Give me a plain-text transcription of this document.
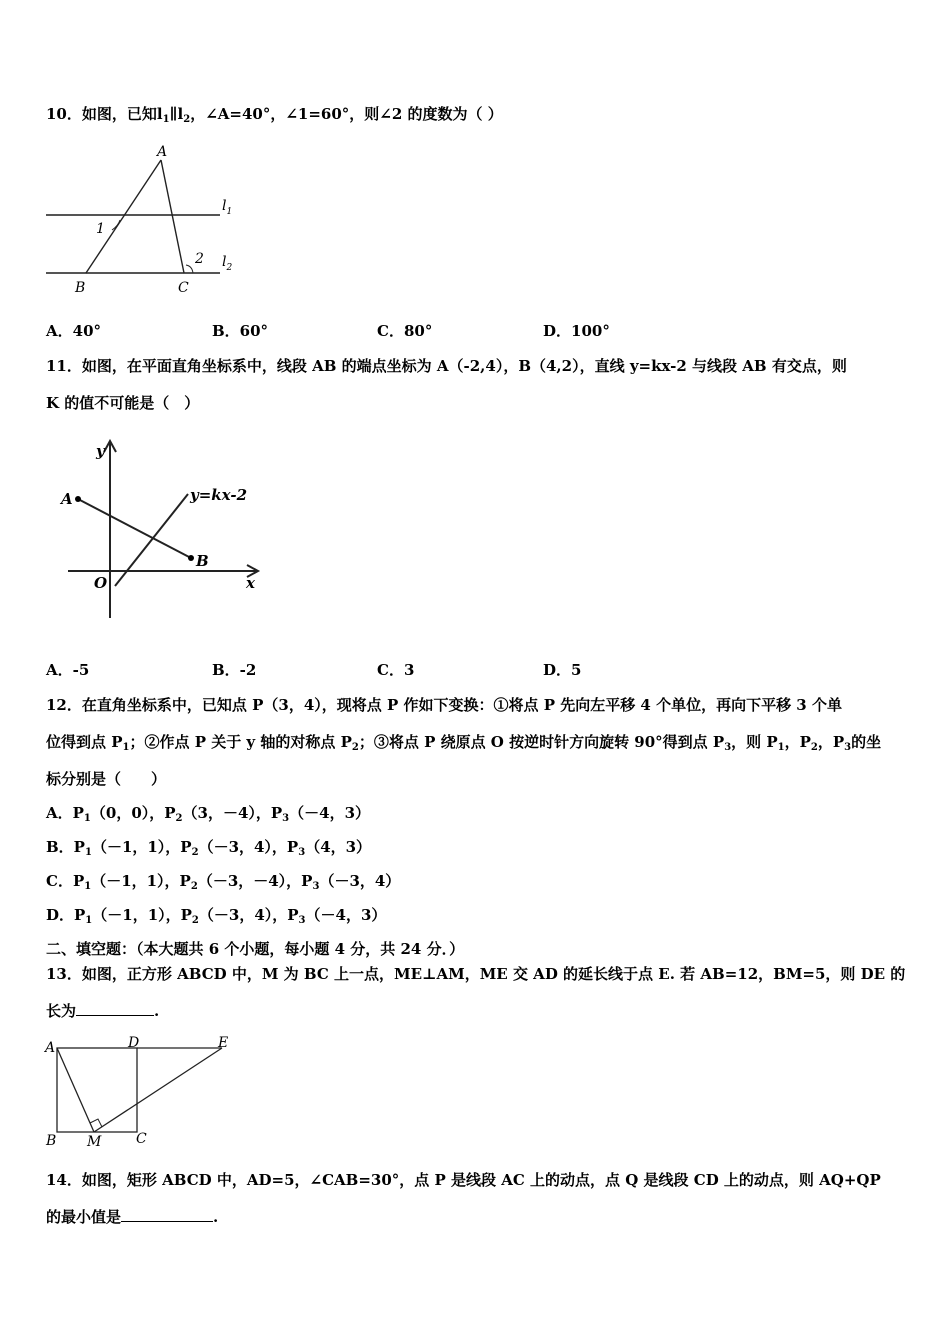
10．如图，已知$l_1\parallel l_2$，∠A=40°，∠1=60°，则∠2 的度数为（ ）
A
B	C
1
2
$l_1$
$l_2$
A．40°	B．60°	C．80°	D．100°
11．如图，在平面直角坐标系中，线段 AB 的端点坐标为 A（-2,4），B（4,2），直线 y=kx-2 与线段 AB 有交点，则
K 的值不可能是（　）
y
x
O
A
B
y=kx-2
A．-5	B．-2	C．3	D．5
12．在直角坐标系中，已知点 P（3，4），现将点 P 作如下变换：①将点 P 先向左平移 4 个单位，再向下平移 3 个单
位得到点 $P_1$；②作点 P 关于 y 轴的对称点 $P_2$；③将点 P 绕原点 O 按逆时针方向旋转 90°得到点 $P_3$，则 $P_1$，$P_2$，$P_3$的坐
标分别是（　　）
A．$P_1(0$，0），$P_2(3$，－4），$P_3(-4$，3）
B．$P_1(-1$，1），$P_2(-3$，4），$P_3(4$，3）
C．$P_1(-1$，1），$P_2(-3$，－4），$P_3(-3$，4）
D．$P_1(-1$，1），$P_2(-3$，4），$P_3(-4$，3）
二、填空题：（本大题共 6 个小题，每小题 4 分，共 24 分．）
13．如图，正方形 ABCD 中，M 为 BC 上一点，ME⊥AM，ME 交 AD 的延长线于点 E. 若 AB=12，BM=5，则 DE 的
长为	.
A	D	E
B M C
14．如图，矩形 ABCD 中，AD=5，∠CAB=30°，点 P 是线段 AC 上的动点，点 Q 是线段 CD 上的动点，则 AQ+QP
的最小值是	.
